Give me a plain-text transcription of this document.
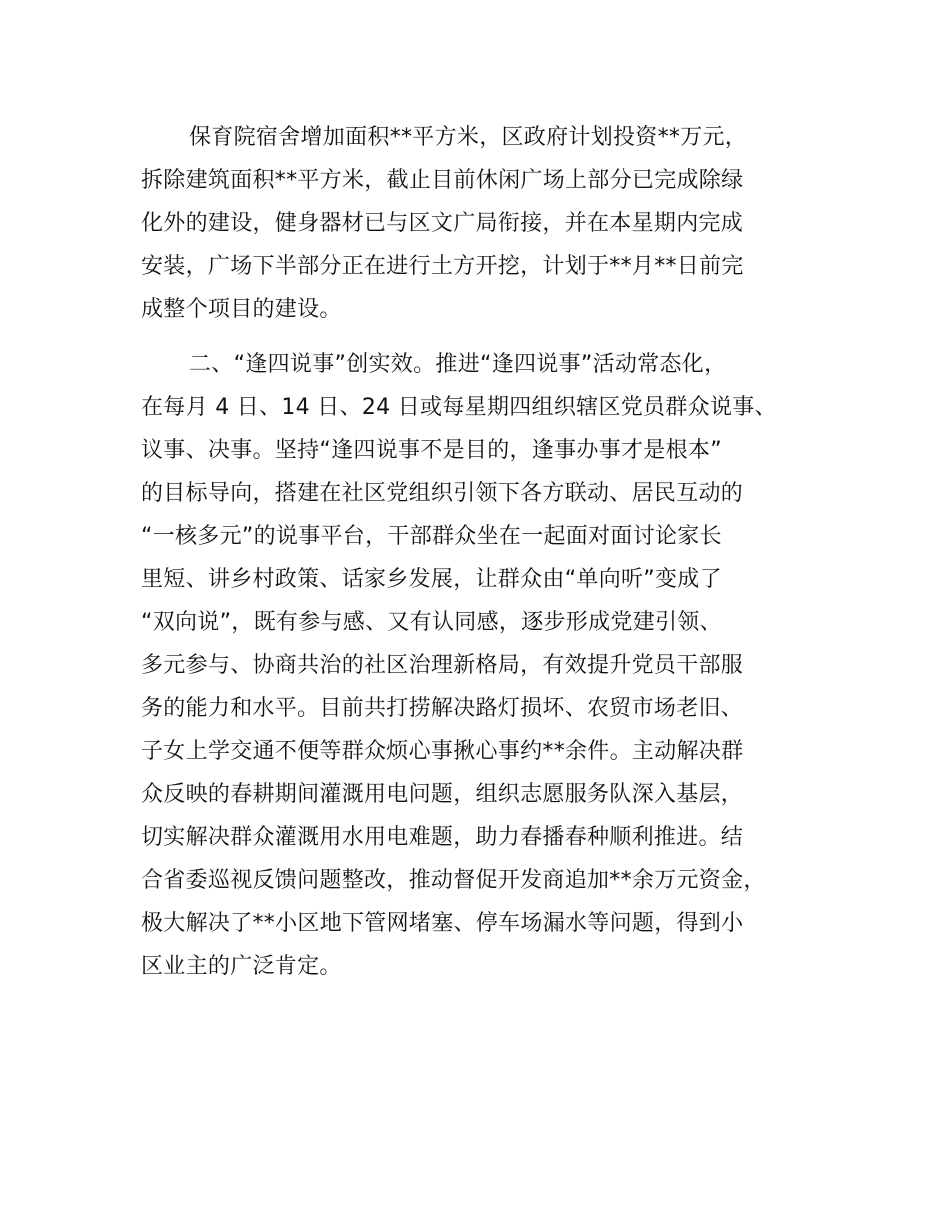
保育院宿舍增加面积**平方米，区政府计划投资**万元，
拆除建筑面积**平方米，截止目前休闲广场上部分已完成除绿
化外的建设，健身器材已与区文广局衔接，并在本星期内完成
安装，广场下半部分正在进行土方开挖，计划于**月**日前完
成整个项目的建设。
二、“逢四说事”创实效。推进“逢四说事”活动常态化，
在每月 4 日、14 日、24 日或每星期四组织辖区党员群众说事、
议事、决事。坚持“逢四说事不是目的，逢事办事才是根本”
的目标导向，搭建在社区党组织引领下各方联动、居民互动的
“一核多元”的说事平台，干部群众坐在一起面对面讨论家长
里短、讲乡村政策、话家乡发展，让群众由“单向听”变成了
“双向说”，既有参与感、又有认同感，逐步形成党建引领、
多元参与、协商共治的社区治理新格局，有效提升党员干部服
务的能力和水平。目前共打捞解决路灯损坏、农贸市场老旧、
子女上学交通不便等群众烦心事揪心事约**余件。主动解决群
众反映的春耕期间灌溉用电问题，组织志愿服务队深入基层，
切实解决群众灌溉用水用电难题，助力春播春种顺利推进。结
合省委巡视反馈问题整改，推动督促开发商追加**余万元资金，
极大解决了**小区地下管网堵塞、停车场漏水等问题，得到小
区业主的广泛肯定。
